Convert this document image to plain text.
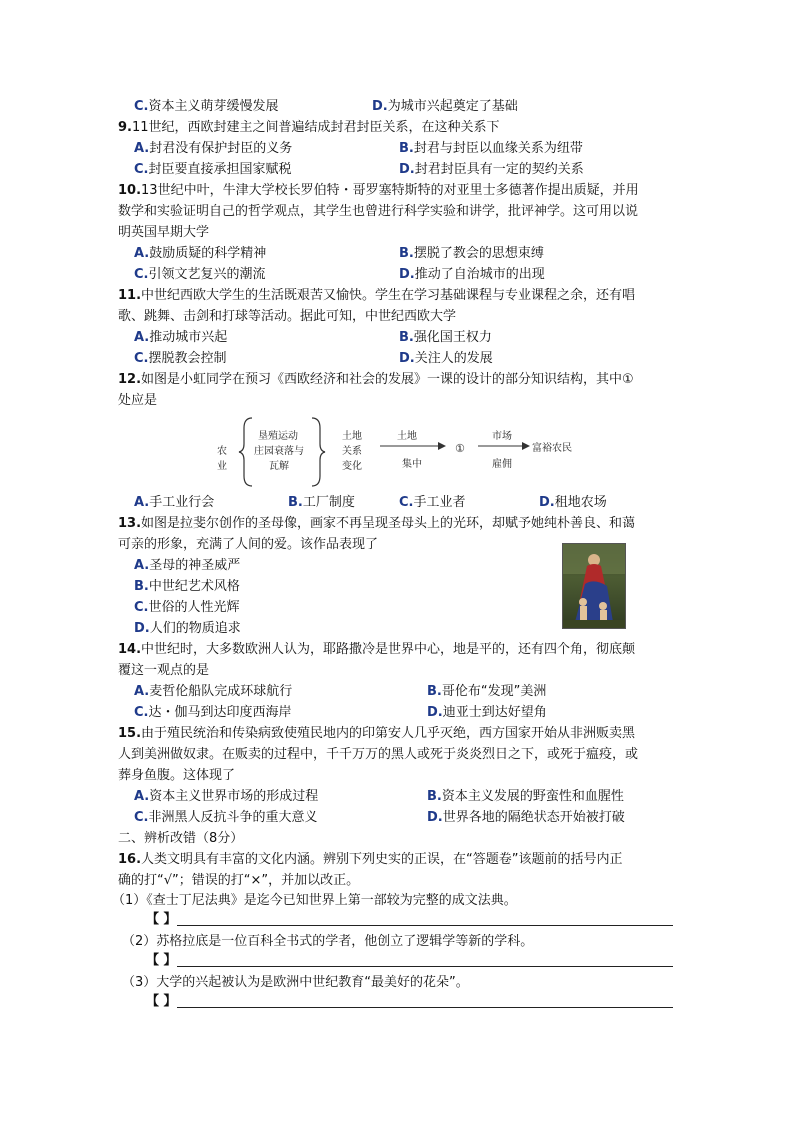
C.资本主义萌芽缓慢发展	D.为城市兴起奠定了基础
9.11世纪，西欧封建主之间普遍结成封君封臣关系，在这种关系下
A.封君没有保护封臣的义务	B.封君与封臣以血缘关系为纽带
C.封臣要直接承担国家赋税	D.封君封臣具有一定的契约关系
10.13世纪中叶，牛津大学校长罗伯特・哥罗塞特斯特的对亚里士多德著作提出质疑，并用
数学和实验证明自己的哲学观点，其学生也曾进行科学实验和讲学，批评神学。这可用以说
明英国早期大学
A.鼓励质疑的科学精神	B.摆脱了教会的思想束缚
C.引领文艺复兴的潮流	D.推动了自治城市的出现
11.中世纪西欧大学生的生活既艰苦又愉快。学生在学习基础课程与专业课程之余，还有唱
歌、跳舞、击剑和打球等活动。据此可知，中世纪西欧大学
A.推动城市兴起	B.强化国王权力
C.摆脱教会控制	D.关注人的发展
12.如图是小虹同学在预习《西欧经济和社会的发展》一课的设计的部分知识结构，其中①
处应是
农
业
垦殖运动
庄园衰落与
瓦解
土地
关系
变化
土地
集中
①
市场
雇佣
富裕农民
A.手工业行会	B.工厂制度	C.手工业者	D.租地农场
13.如图是拉斐尔创作的圣母像，画家不再呈现圣母头上的光环，却赋予她纯朴善良、和蔼
可亲的形象，充满了人间的爱。该作品表现了
A.圣母的神圣威严
B.中世纪艺术风格
C.世俗的人性光辉
D.人们的物质追求
14.中世纪时，大多数欧洲人认为，耶路撒冷是世界中心，地是平的，还有四个角，彻底颠
覆这一观点的是
A.麦哲伦船队完成环球航行	B.哥伦布“发现”美洲
C.达・伽马到达印度西海岸	D.迪亚士到达好望角
15.由于殖民统治和传染病致使殖民地内的印第安人几乎灭绝，西方国家开始从非洲贩卖黑
人到美洲做奴隶。在贩卖的过程中，千千万万的黑人或死于炎炎烈日之下，或死于瘟疫，或
葬身鱼腹。这体现了
A.资本主义世界市场的形成过程	B.资本主义发展的野蛮性和血腥性
C.非洲黑人反抗斗争的重大意义	D.世界各地的隔绝状态开始被打破
二、辨析改错（8分）
16.人类文明具有丰富的文化内涵。辨别下列史实的正误，在“答题卷”该题前的括号内正
确的打“√”；错误的打“×”，并加以改正。
（1）《查士丁尼法典》是迄今已知世界上第一部较为完整的成文法典。
【 】
（2）苏格拉底是一位百科全书式的学者，他创立了逻辑学等新的学科。
【 】
（3）大学的兴起被认为是欧洲中世纪教育“最美好的花朵”。
【 】
